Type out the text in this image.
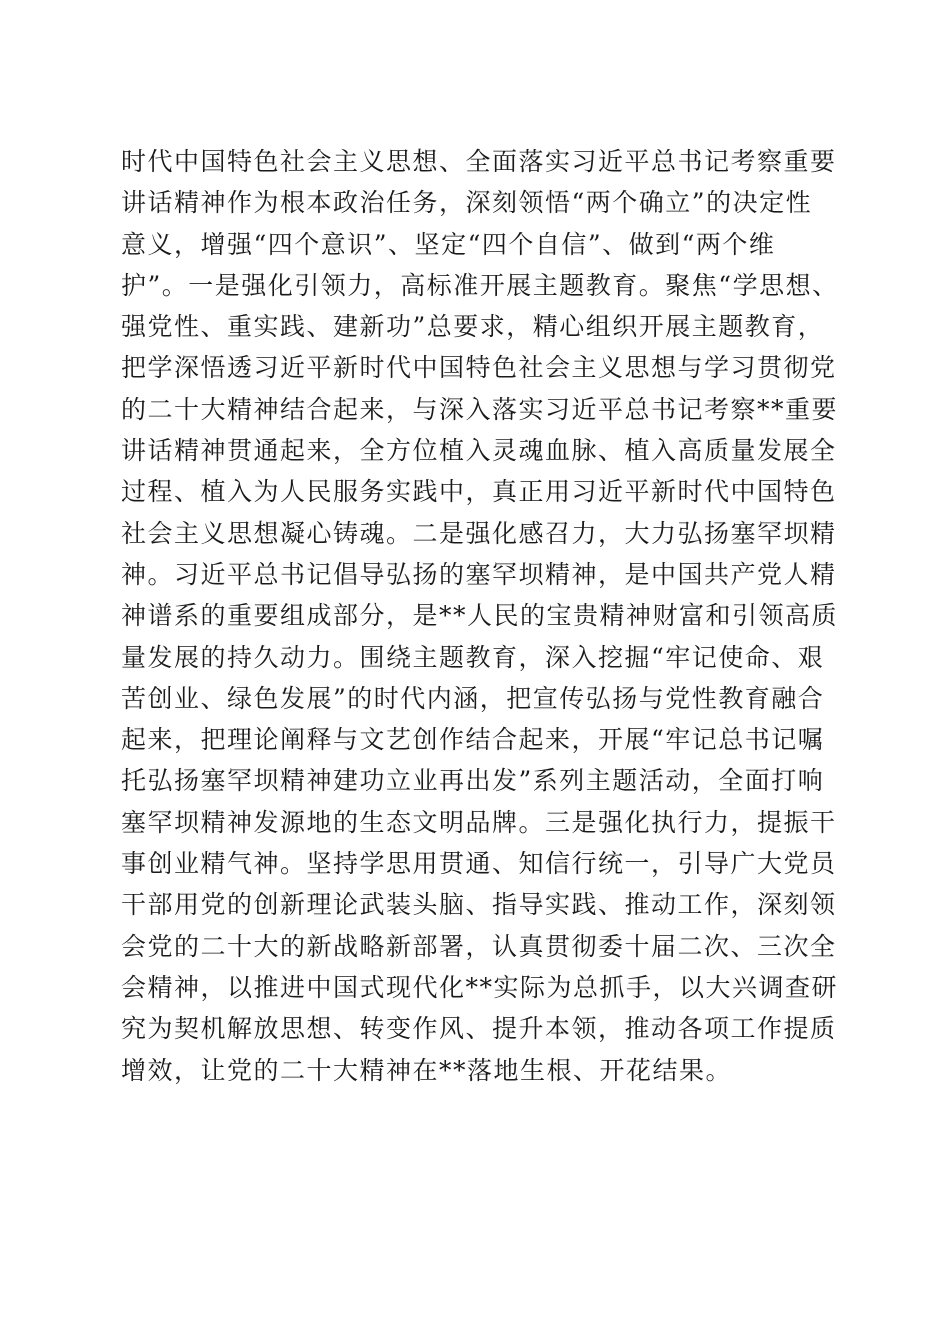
时代中国特色社会主义思想、全面落实习近平总书记考察重要
讲话精神作为根本政治任务，深刻领悟“两个确立”的决定性
意义，增强“四个意识”、坚定“四个自信”、做到“两个维
护”。一是强化引领力，高标准开展主题教育。聚焦“学思想、
强党性、重实践、建新功”总要求，精心组织开展主题教育，
把学深悟透习近平新时代中国特色社会主义思想与学习贯彻党
的二十大精神结合起来，与深入落实习近平总书记考察**重要
讲话精神贯通起来，全方位植入灵魂血脉、植入高质量发展全
过程、植入为人民服务实践中，真正用习近平新时代中国特色
社会主义思想凝心铸魂。二是强化感召力，大力弘扬塞罕坝精
神。习近平总书记倡导弘扬的塞罕坝精神，是中国共产党人精
神谱系的重要组成部分，是**人民的宝贵精神财富和引领高质
量发展的持久动力。围绕主题教育，深入挖掘“牢记使命、艰
苦创业、绿色发展”的时代内涵，把宣传弘扬与党性教育融合
起来，把理论阐释与文艺创作结合起来，开展“牢记总书记嘱
托弘扬塞罕坝精神建功立业再出发”系列主题活动，全面打响
塞罕坝精神发源地的生态文明品牌。三是强化执行力，提振干
事创业精气神。坚持学思用贯通、知信行统一，引导广大党员
干部用党的创新理论武装头脑、指导实践、推动工作，深刻领
会党的二十大的新战略新部署，认真贯彻委十届二次、三次全
会精神，以推进中国式现代化**实际为总抓手，以大兴调查研
究为契机解放思想、转变作风、提升本领，推动各项工作提质
增效，让党的二十大精神在**落地生根、开花结果。
